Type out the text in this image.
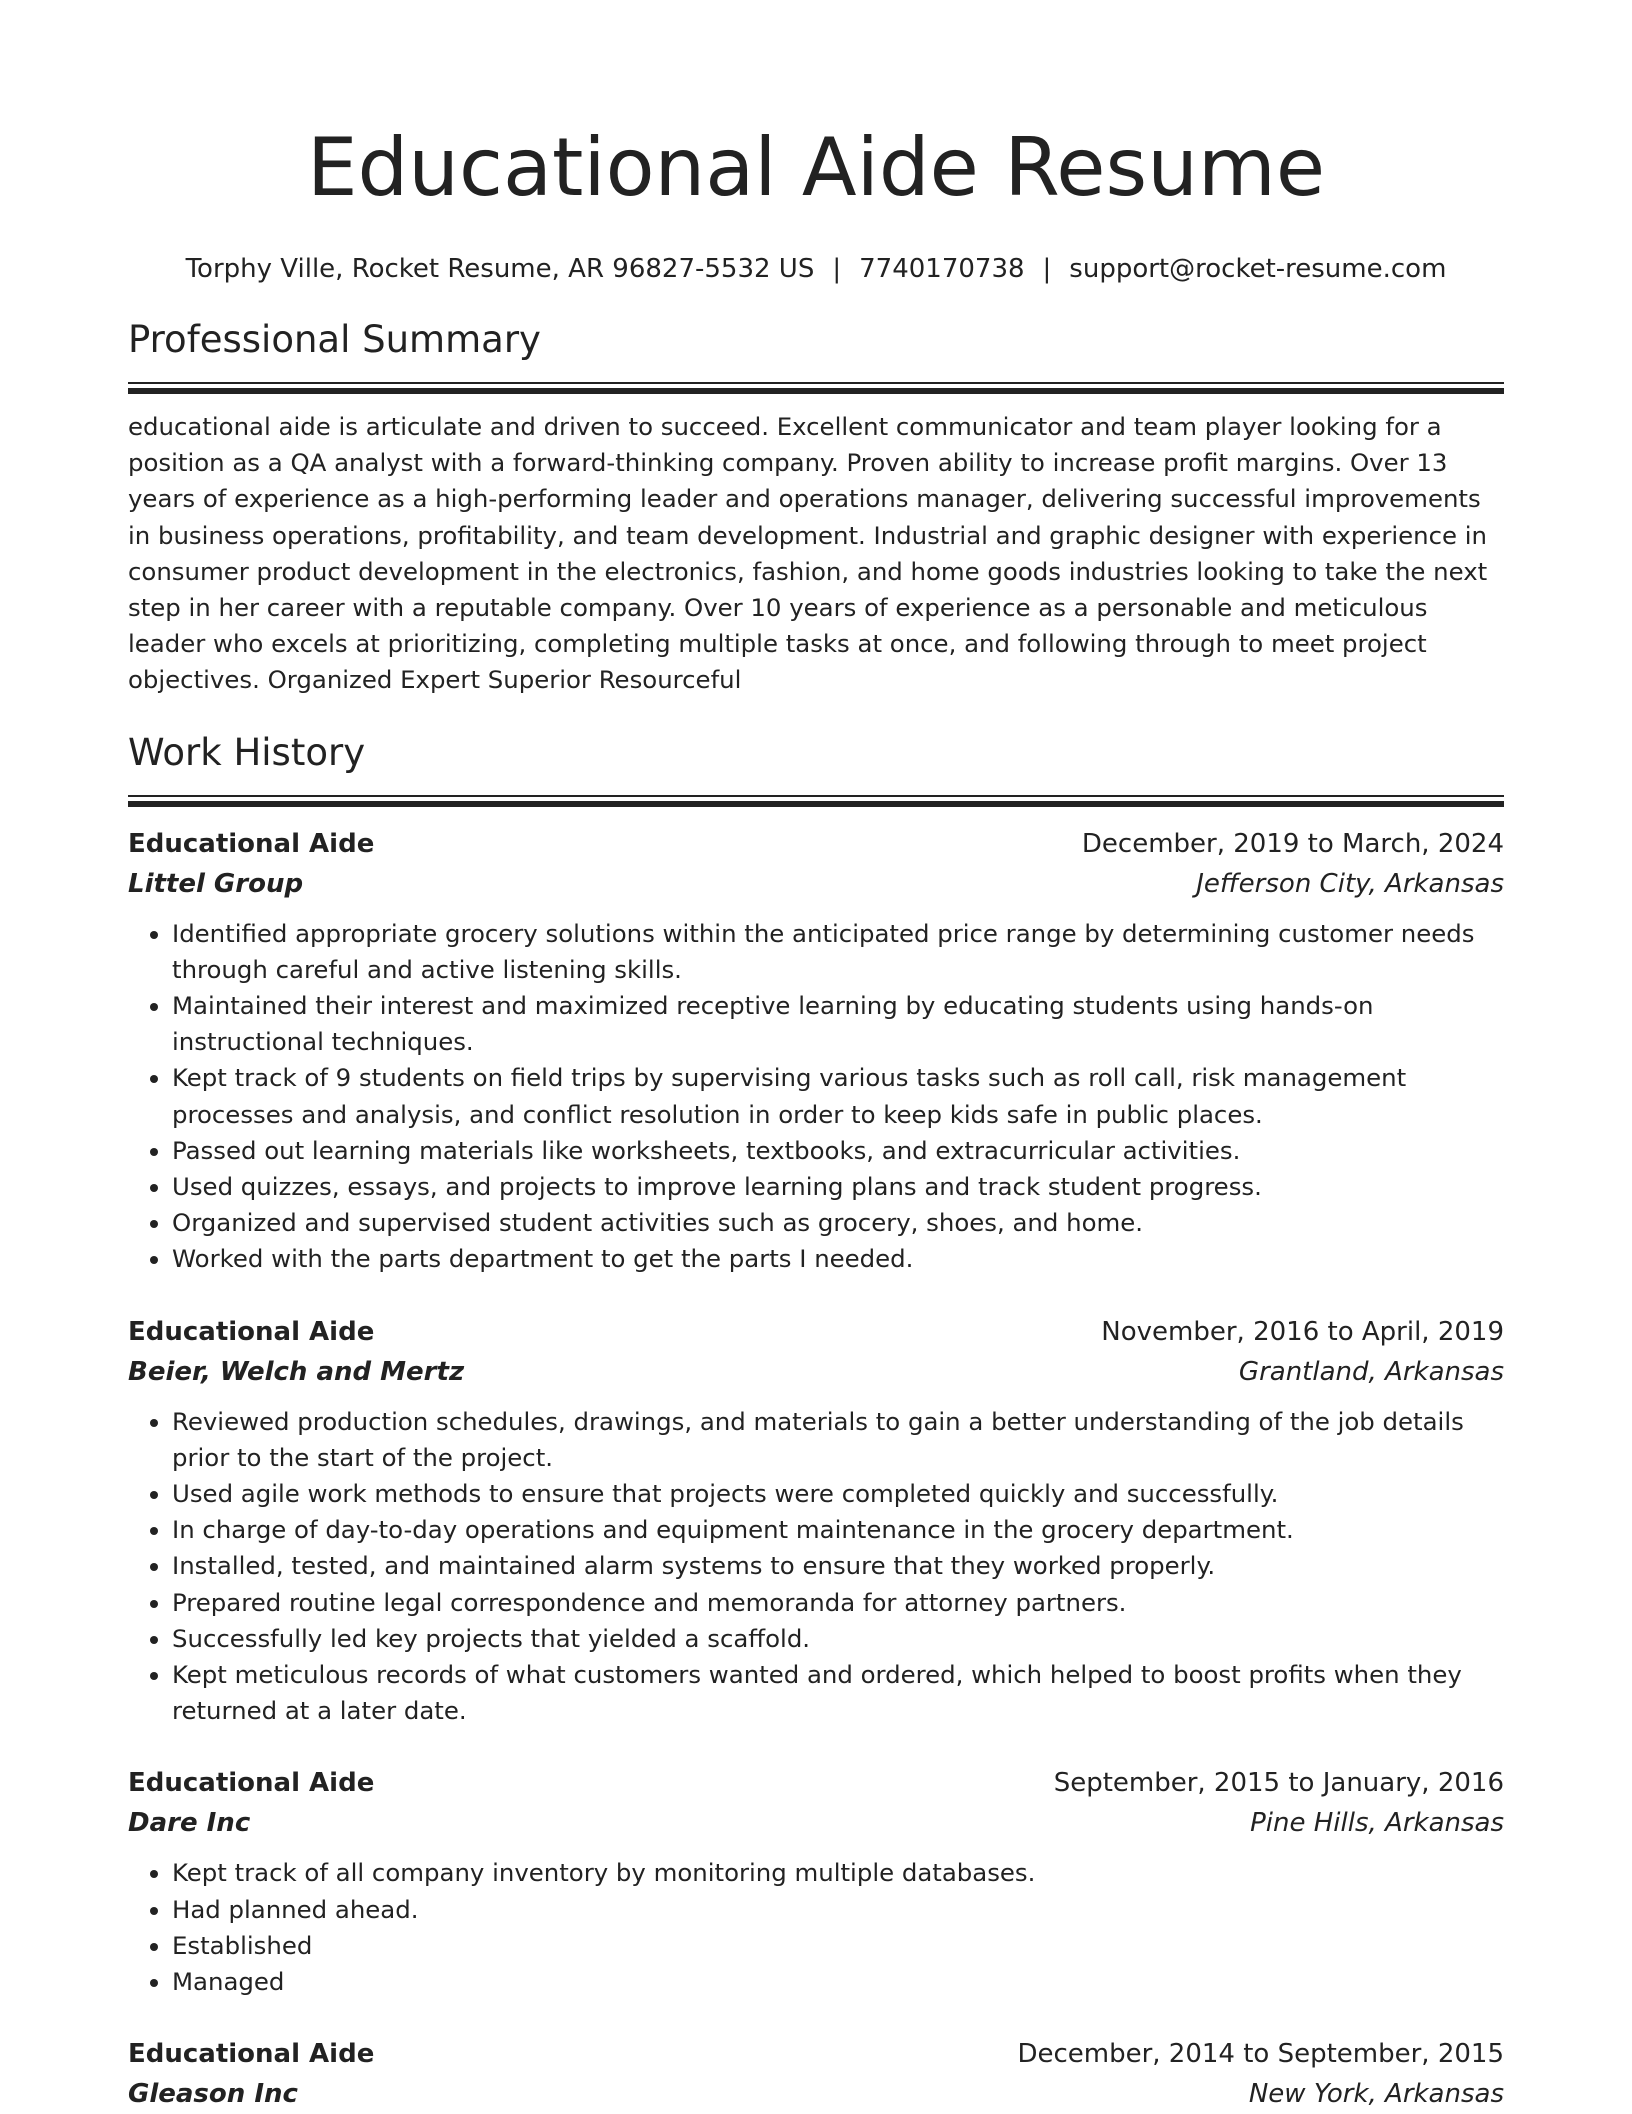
Educational Aide Resume
Torphy Ville, Rocket Resume, AR 96827-5532 US | 7740170738 | support@rocket-resume.com
Professional Summary
educational aide is articulate and driven to succeed. Excellent communicator and team player looking for a position as a QA analyst with a forward-thinking company. Proven ability to increase profit margins. Over 13 years of experience as a high-performing leader and operations manager, delivering successful improvements in business operations, profitability, and team development. Industrial and graphic designer with experience in consumer product development in the electronics, fashion, and home goods industries looking to take the next step in her career with a reputable company. Over 10 years of experience as a personable and meticulous leader who excels at prioritizing, completing multiple tasks at once, and following through to meet project objectives. Organized Expert Superior Resourceful
Work History
Educational Aide	December, 2019 to March, 2024
Littel Group	Jefferson City, Arkansas
• Identified appropriate grocery solutions within the anticipated price range by determining customer needs through careful and active listening skills.
• Maintained their interest and maximized receptive learning by educating students using hands-on instructional techniques.
• Kept track of 9 students on field trips by supervising various tasks such as roll call, risk management processes and analysis, and conflict resolution in order to keep kids safe in public places.
• Passed out learning materials like worksheets, textbooks, and extracurricular activities.
• Used quizzes, essays, and projects to improve learning plans and track student progress.
• Organized and supervised student activities such as grocery, shoes, and home.
• Worked with the parts department to get the parts I needed.
Educational Aide	November, 2016 to April, 2019
Beier, Welch and Mertz	Grantland, Arkansas
• Reviewed production schedules, drawings, and materials to gain a better understanding of the job details prior to the start of the project.
• Used agile work methods to ensure that projects were completed quickly and successfully.
• In charge of day-to-day operations and equipment maintenance in the grocery department.
• Installed, tested, and maintained alarm systems to ensure that they worked properly.
• Prepared routine legal correspondence and memoranda for attorney partners.
• Successfully led key projects that yielded a scaffold.
• Kept meticulous records of what customers wanted and ordered, which helped to boost profits when they returned at a later date.
Educational Aide	September, 2015 to January, 2016
Dare Inc	Pine Hills, Arkansas
• Kept track of all company inventory by monitoring multiple databases.
• Had planned ahead.
• Established
• Managed
Educational Aide	December, 2014 to September, 2015
Gleason Inc	New York, Arkansas
